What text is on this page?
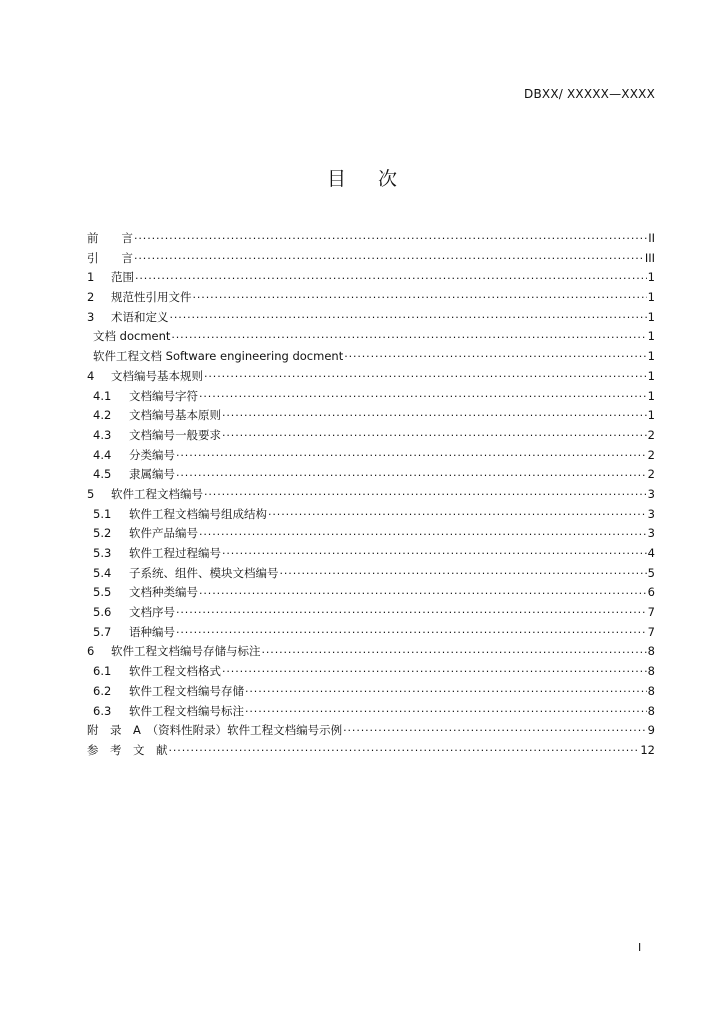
DBXX/ XXXXX—XXXX
目 次
前　　言 .....	II
引　　言 .....	III
1	范围 .....	1
2	规范性引用文件 .....	1
3	术语和定义 .....	1
文档 docment .....	1
软件工程文档 Software engineering docment .....	1
4	文档编号基本规则 .....	1
4.1	文档编号字符 .....	1
4.2	文档编号基本原则 .....	1
4.3	文档编号一般要求 .....	2
4.4	分类编号 .....	2
4.5	隶属编号 .....	2
5	软件工程文档编号 .....	3
5.1	软件工程文档编号组成结构 .....	3
5.2	软件产品编号 .....	3
5.3	软件工程过程编号 .....	4
5.4	子系统、组件、模块文档编号 .....	5
5.5	文档种类编号 .....	6
5.6	文档序号 .....	7
5.7	语种编号 .....	7
6	软件工程文档编号存储与标注 .....	8
6.1	软件工程文档格式 .....	8
6.2	软件工程文档编号存储 .....	8
6.3	软件工程文档编号标注 .....	8
附　录　A　（资料性附录）软件工程文档编号示例 .....	9
参　考　文　献 .....	12
I
